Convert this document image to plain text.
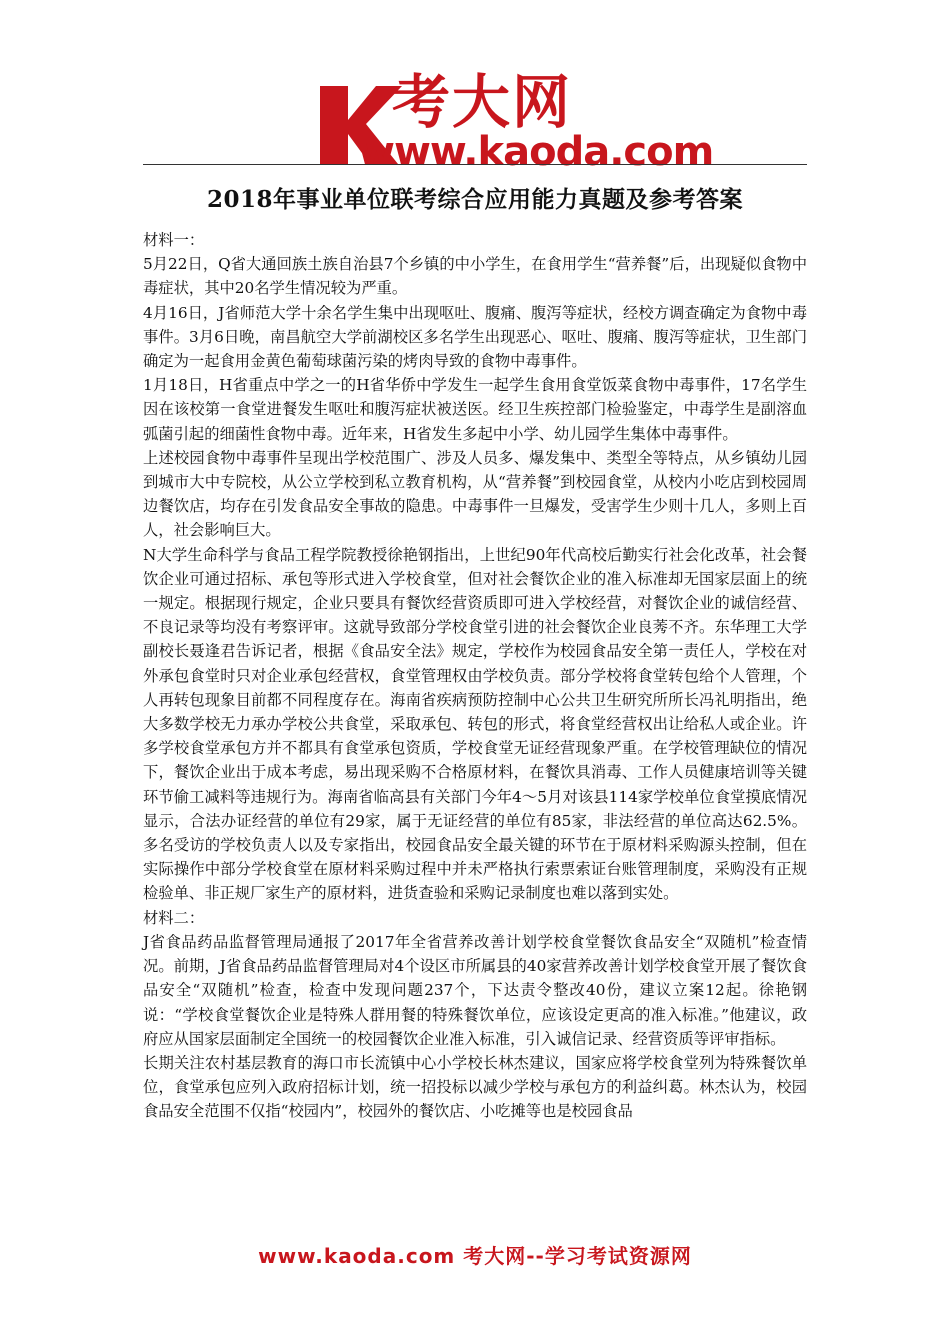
考大网
www.kaoda.com
2018年事业单位联考综合应用能力真题及参考答案

材料一：

5月22日，Q省大通回族土族自治县7个乡镇的中小学生，在食用学生“营养餐”后，出现疑似食物中毒症状，其中20名学生情况较为严重。

4月16日，J省师范大学十余名学生集中出现呕吐、腹痛、腹泻等症状，经校方调查确定为食物中毒事件。3月6日晚，南昌航空大学前湖校区多名学生出现恶心、呕吐、腹痛、腹泻等症状，卫生部门确定为一起食用金黄色葡萄球菌污染的烤肉导致的食物中毒事件。

1月18日，H省重点中学之一的H省华侨中学发生一起学生食用食堂饭菜食物中毒事件，17名学生因在该校第一食堂进餐发生呕吐和腹泻症状被送医。经卫生疾控部门检验鉴定，中毒学生是副溶血弧菌引起的细菌性食物中毒。近年来，H省发生多起中小学、幼儿园学生集体中毒事件。

上述校园食物中毒事件呈现出学校范围广、涉及人员多、爆发集中、类型全等特点，从乡镇幼儿园到城市大中专院校，从公立学校到私立教育机构，从“营养餐”到校园食堂，从校内小吃店到校园周边餐饮店，均存在引发食品安全事故的隐患。中毒事件一旦爆发，受害学生少则十几人，多则上百人，社会影响巨大。

N大学生命科学与食品工程学院教授徐艳钢指出，上世纪90年代高校后勤实行社会化改革，社会餐饮企业可通过招标、承包等形式进入学校食堂，但对社会餐饮企业的准入标准却无国家层面上的统一规定。根据现行规定，企业只要具有餐饮经营资质即可进入学校经营，对餐饮企业的诚信经营、不良记录等均没有考察评审。这就导致部分学校食堂引进的社会餐饮企业良莠不齐。东华理工大学副校长聂逢君告诉记者，根据《食品安全法》规定，学校作为校园食品安全第一责任人，学校在对外承包食堂时只对企业承包经营权，食堂管理权由学校负责。部分学校将食堂转包给个人管理，个人再转包现象目前都不同程度存在。海南省疾病预防控制中心公共卫生研究所所长冯礼明指出，绝大多数学校无力承办学校公共食堂，采取承包、转包的形式，将食堂经营权出让给私人或企业。许多学校食堂承包方并不都具有食堂承包资质，学校食堂无证经营现象严重。在学校管理缺位的情况下，餐饮企业出于成本考虑，易出现采购不合格原材料，在餐饮具消毒、工作人员健康培训等关键环节偷工减料等违规行为。海南省临高县有关部门今年4～5月对该县114家学校单位食堂摸底情况显示，合法办证经营的单位有29家，属于无证经营的单位有85家，非法经营的单位高达62.5%。多名受访的学校负责人以及专家指出，校园食品安全最关键的环节在于原材料采购源头控制，但在实际操作中部分学校食堂在原材料采购过程中并未严格执行索票索证台账管理制度，采购没有正规检验单、非正规厂家生产的原材料，进货查验和采购记录制度也难以落到实处。

材料二：

J省食品药品监督管理局通报了2017年全省营养改善计划学校食堂餐饮食品安全“双随机”检查情况。前期，J省食品药品监督管理局对4个设区市所属县的40家营养改善计划学校食堂开展了餐饮食品安全“双随机”检查，检查中发现问题237个，下达责令整改40份，建议立案12起。徐艳钢说：“学校食堂餐饮企业是特殊人群用餐的特殊餐饮单位，应该设定更高的准入标准。”他建议，政府应从国家层面制定全国统一的校园餐饮企业准入标准，引入诚信记录、经营资质等评审指标。

长期关注农村基层教育的海口市长流镇中心小学校长林杰建议，国家应将学校食堂列为特殊餐饮单位，食堂承包应列入政府招标计划，统一招投标以减少学校与承包方的利益纠葛。林杰认为，校园食品安全范围不仅指“校园内”，校园外的餐饮店、小吃摊等也是校园食品

www.kaoda.com 考大网--学习考试资源网
